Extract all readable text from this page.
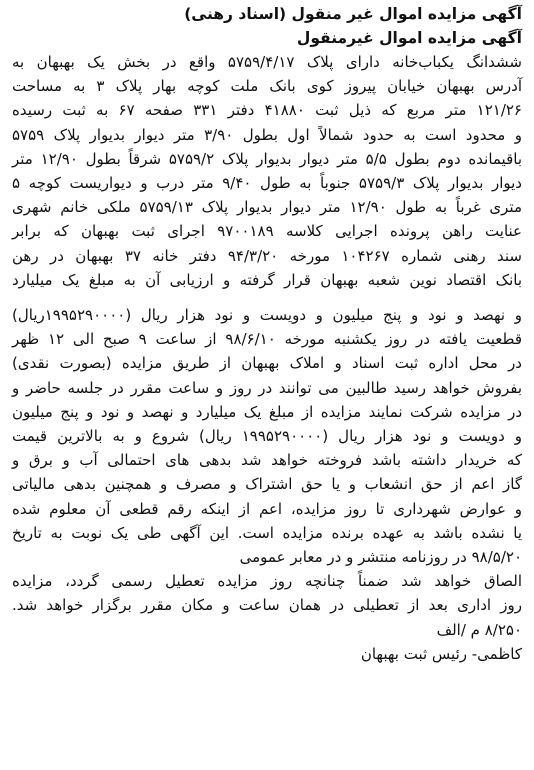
آگهی مزایده اموال غیر منقول (اسناد رهنی)
آگهی مزایده اموال غیرمنقول
ششدانگ یکباب‌خانه دارای پلاک ۵۷۵۹/۴/۱۷ واقع در بخش یک بهبهان به
آدرس بهبهان خیابان پیروز کوی بانک ملت کوچه بهار پلاک ۳ به مساحت
۱۲۱/۲۶ متر مربع که ذیل ثبت ۴۱۸۸۰ دفتر ۳۳۱ صفحه ۶۷ به ثبت رسیده
و محدود است به حدود شمالاً اول بطول ۳/۹۰ متر دیوار بدیوار پلاک ۵۷۵۹
باقیمانده دوم بطول ۵/۵ متر دیوار بدیوار پلاک ۵۷۵۹/۲ شرقاً بطول ۱۲/۹۰ متر
دیوار بدیوار پلاک ۵۷۵۹/۳ جنوباً به طول ۹/۴۰ متر درب و دیواریست کوچه ۵
متری غرباً به طول ۱۲/۹۰ متر دیوار بدیوار پلاک ۵۷۵۹/۱۳ ملکی خانم شهری
عنایت راهن پرونده اجرایی کلاسه ۹۷۰۰۱۸۹ اجرای ثبت بهبهان که برابر
سند رهنی شماره ۱۰۴۲۶۷ مورخه ۹۴/۳/۲۰ دفتر خانه ۳۷ بهبهان در رهن
بانک اقتصاد نوین شعبه بهبهان قرار گرفته و ارزیابی آن به مبلغ یک میلیارد
و نهصد و نود و پنج میلیون و دویست و نود هزار ریال (۱۹۹۵۲۹۰۰۰۰ریال)
قطعیت یافته در روز یکشنبه مورخه ۹۸/۶/۱۰ از ساعت ۹ صبح الی ۱۲ ظهر
در محل اداره ثبت اسناد و املاک بهبهان از طریق مزایده (بصورت نقدی)
بفروش خواهد رسید طالبین می توانند در روز و ساعت مقرر در جلسه حاضر و
در مزایده شرکت نمایند مزایده از مبلغ یک میلیارد و نهصد و نود و پنج میلیون
و دویست و نود هزار ریال (۱۹۹۵۲۹۰۰۰۰ ریال) شروع و به بالاترین قیمت
که خریدار داشته باشد فروخته خواهد شد بدهی های احتمالی آب و برق و
گاز اعم از حق انشعاب و یا حق اشتراک و مصرف و همچنین بدهی مالیاتی
و عوارض شهرداری تا روز مزایده، اعم از اینکه رقم قطعی آن معلوم شده
یا نشده باشد به عهده برنده مزایده است. این آگهی طی یک نوبت به تاریخ
۹۸/۵/۲۰ در روزنامه منتشر و در معابر عمومی
الصاق خواهد شد ضمناً چنانچه روز مزایده تعطیل رسمی گردد، مزایده
روز اداری بعد از تعطیلی در همان ساعت و مکان مقرر برگزار خواهد شد.
۸/۲۵۰ م /الف
کاظمی- رئیس ثبت بهبهان
